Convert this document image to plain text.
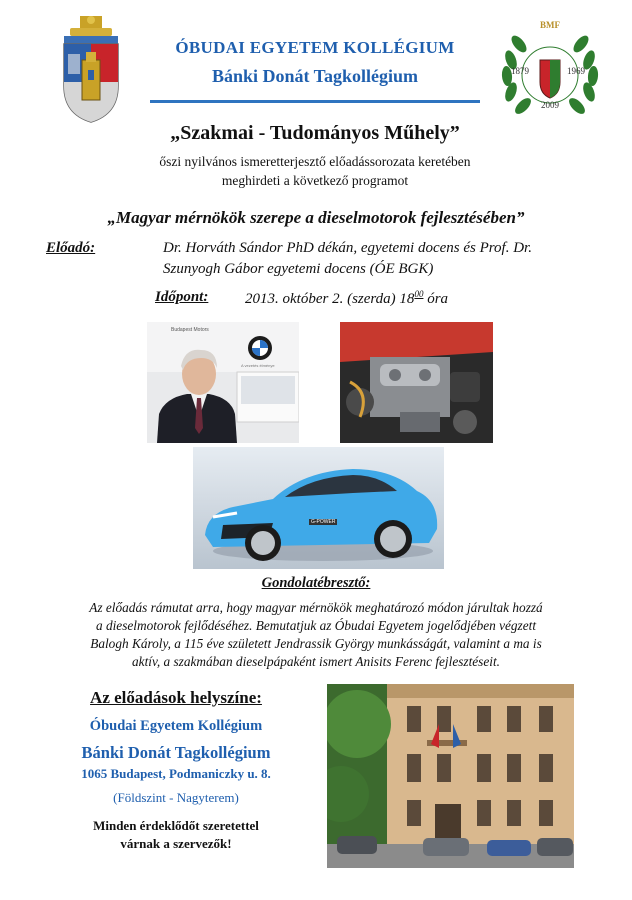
ÓBUDAI EGYETEM KOLLÉGIUM
Bánki Donát Tagkollégium
BMF
1879	1969
2009
„Szakmai - Tudományos Műhely”
őszi nyilvános ismeretterjesztő előadássorozata keretében
meghirdeti a következő programot
„Magyar mérnökök szerepe a dieselmotorok fejlesztésében”
Előadó:	Dr. Horváth Sándor PhD dékán, egyetemi docens és Prof. Dr.
Szunyogh Gábor egyetemi docens (ÓE BGK)
Időpont: 2013. október 2. (szerda) $18^{00}$ óra
Budapest Motors
A vezetés élménye
G-POWER
Gondolatébresztő:
Az előadás rámutat arra, hogy magyar mérnökök meghatározó módon járultak hozzá
a dieselmotorok fejlődéséhez. Bemutatjuk az Óbudai Egyetem jogelődjében végzett
Balogh Károly, a 115 éve született Jendrassik György munkásságát, valamint a ma is
aktív, a szakmában dieselpápaként ismert Anisits Ferenc fejlesztéseit.
Az előadások helyszíne:
Óbudai Egyetem Kollégium
Bánki Donát Tagkollégium
1065 Budapest, Podmaniczky u. 8.
(Földszint - Nagyterem)
Minden érdeklődőt szeretettel
várnak a szervezők!
